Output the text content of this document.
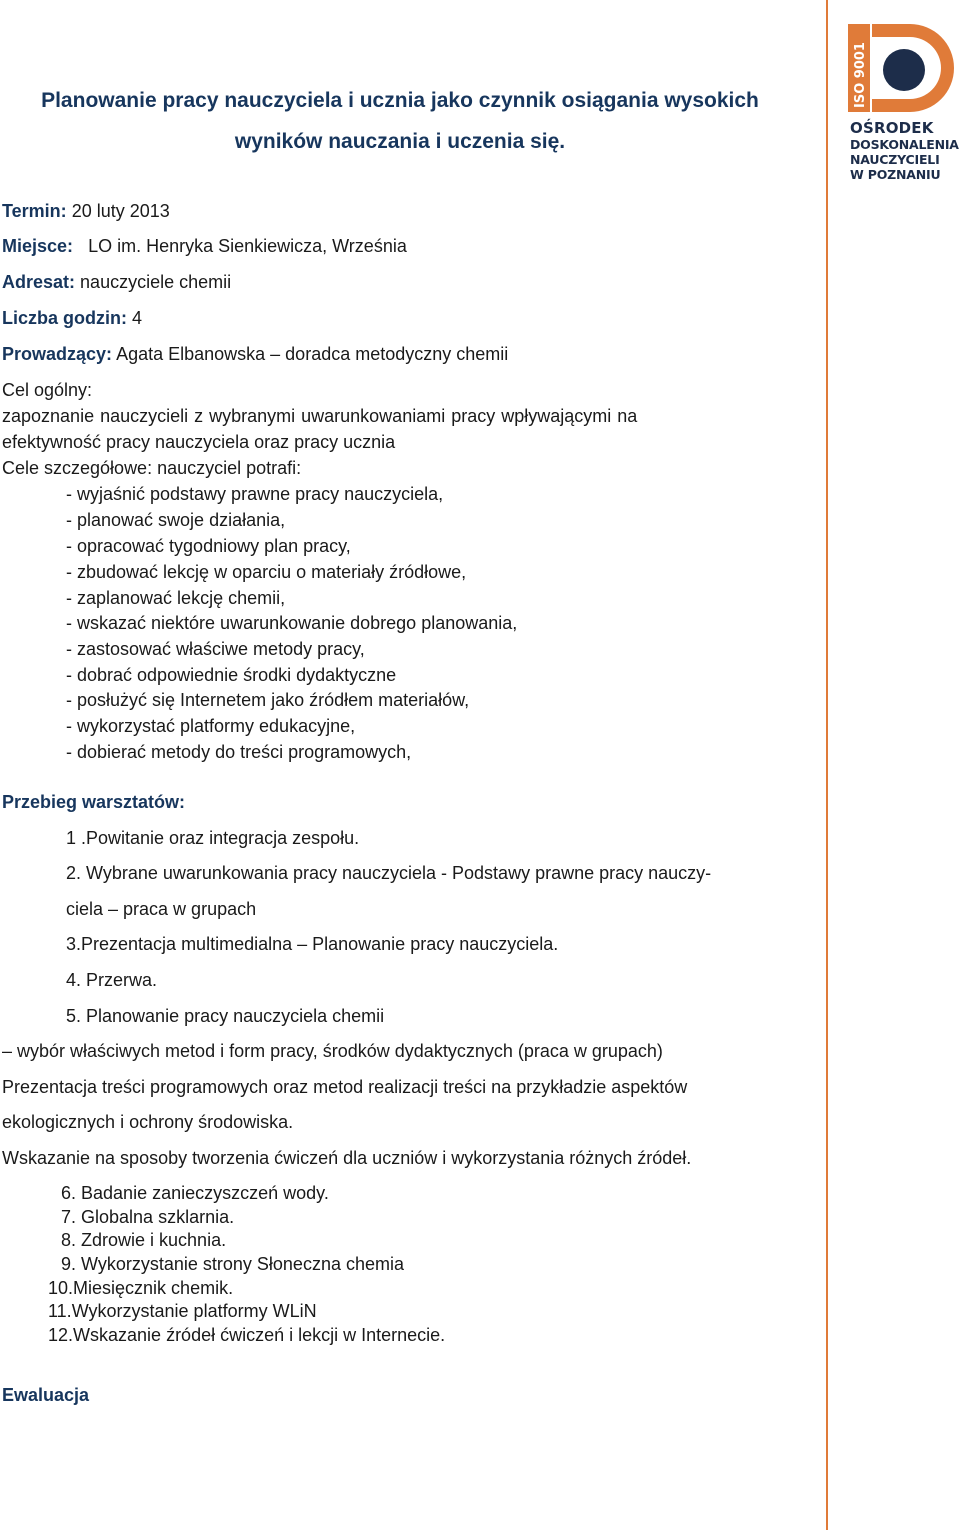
ISO 9001
OŚRODEK
DOSKONALENIA
NAUCZYCIELI
W POZNANIU
Planowanie pracy nauczyciela i ucznia jako czynnik osiągania wysokich
wyników nauczania i uczenia się.
Termin: 20 luty 2013
Miejsce: LO im. Henryka Sienkiewicza, Września
Adresat: nauczyciele chemii
Liczba godzin: 4
Prowadzący: Agata Elbanowska – doradca metodyczny chemii
Cel ogólny:
zapoznanie nauczycieli z wybranymi uwarunkowaniami pracy wpływającymi na
efektywność pracy nauczyciela oraz pracy ucznia
Cele szczegółowe: nauczyciel potrafi:
- wyjaśnić podstawy prawne pracy nauczyciela,
- planować swoje działania,
- opracować tygodniowy plan pracy,
- zbudować lekcję w oparciu o materiały źródłowe,
- zaplanować lekcję chemii,
- wskazać niektóre uwarunkowanie dobrego planowania,
- zastosować właściwe metody pracy,
- dobrać odpowiednie środki dydaktyczne
- posłużyć się Internetem jako źródłem materiałów,
- wykorzystać platformy edukacyjne,
- dobierać metody do treści programowych,
Przebieg warsztatów:
1 .Powitanie oraz integracja zespołu.
2. Wybrane uwarunkowania pracy nauczyciela - Podstawy prawne pracy nauczy-
ciela – praca w grupach
3.Prezentacja multimedialna – Planowanie pracy nauczyciela.
4. Przerwa.
5. Planowanie pracy nauczyciela chemii
– wybór właściwych metod i form pracy, środków dydaktycznych (praca w grupach)
Prezentacja treści programowych oraz metod realizacji treści na przykładzie aspektów
ekologicznych i ochrony środowiska.
Wskazanie na sposoby tworzenia ćwiczeń dla uczniów i wykorzystania różnych źródeł.
6. Badanie zanieczyszczeń wody.
7. Globalna szklarnia.
8. Zdrowie i kuchnia.
9. Wykorzystanie strony Słoneczna chemia
10.Miesięcznik chemik.
11.Wykorzystanie platformy WLiN
12.Wskazanie źródeł ćwiczeń i lekcji w Internecie.
Ewaluacja
